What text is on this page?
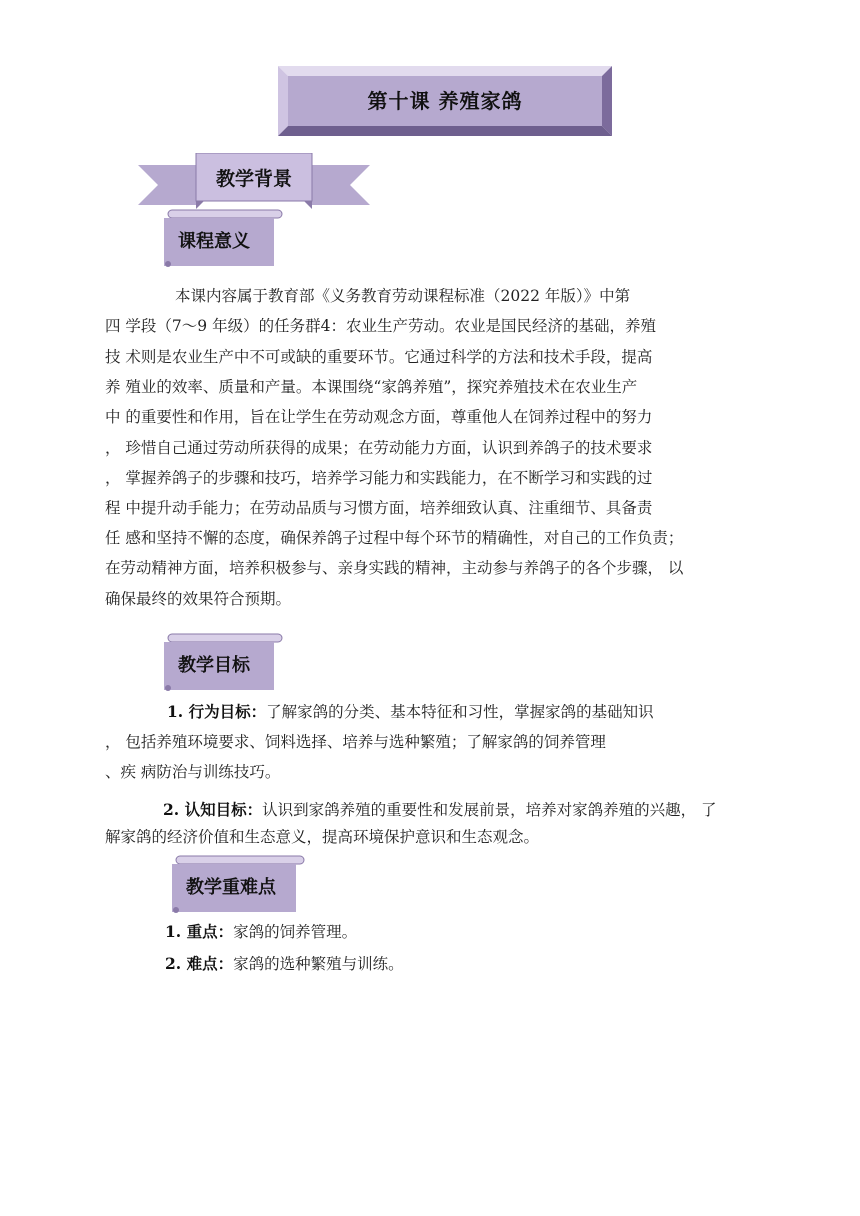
第十课 养殖家鸽
教学背景
课程意义
本课内容属于教育部《义务教育劳动课程标准（2022 年版）》中第
四 学段（7～9 年级）的任务群4：农业生产劳动。农业是国民经济的基础，养殖
技 术则是农业生产中不可或缺的重要环节。它通过科学的方法和技术手段，提高
养 殖业的效率、质量和产量。本课围绕“家鸽养殖”，探究养殖技术在农业生产
中 的重要性和作用，旨在让学生在劳动观念方面，尊重他人在饲养过程中的努力
， 珍惜自己通过劳动所获得的成果；在劳动能力方面，认识到养鸽子的技术要求
， 掌握养鸽子的步骤和技巧，培养学习能力和实践能力，在不断学习和实践的过
程 中提升动手能力；在劳动品质与习惯方面，培养细致认真、注重细节、具备责
任 感和坚持不懈的态度，确保养鸽子过程中每个环节的精确性，对自己的工作负责；
在劳动精神方面，培养积极参与、亲身实践的精神，主动参与养鸽子的各个步骤， 以
确保最终的效果符合预期。
教学目标
1. 行为目标：了解家鸽的分类、基本特征和习性，掌握家鸽的基础知识
， 包括养殖环境要求、饲料选择、培养与选种繁殖；了解家鸽的饲养管理
、疾 病防治与训练技巧。
2. 认知目标：认识到家鸽养殖的重要性和发展前景，培养对家鸽养殖的兴趣， 了
解家鸽的经济价值和生态意义，提高环境保护意识和生态观念。
教学重难点
1. 重点：家鸽的饲养管理。
2. 难点：家鸽的选种繁殖与训练。
